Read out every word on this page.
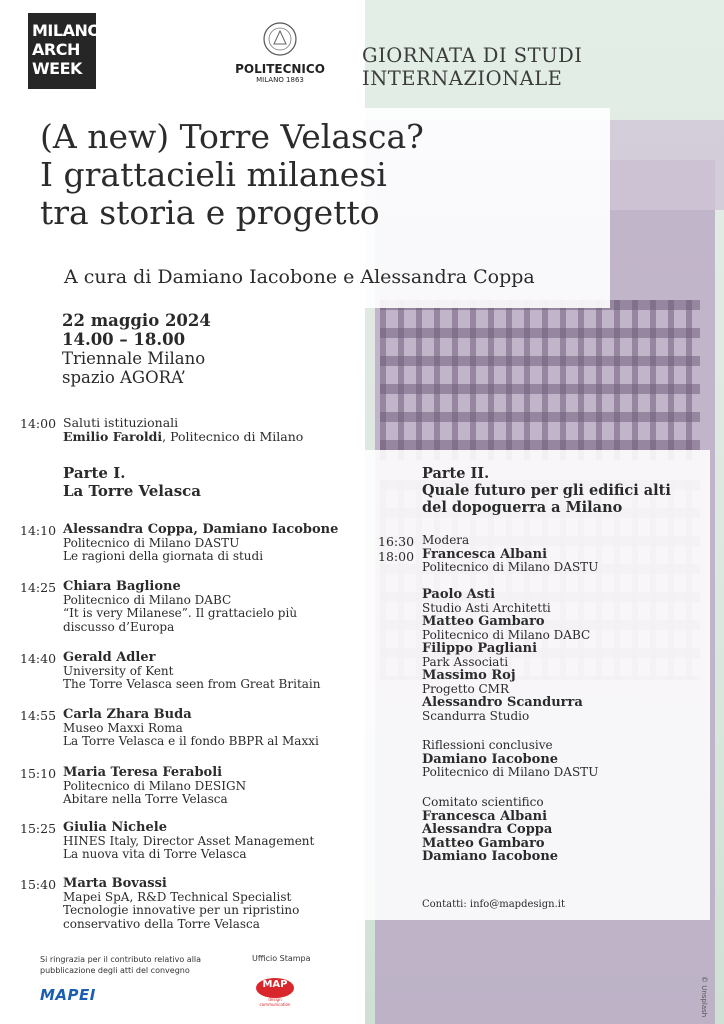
MILANO
ARCH
WEEK	POLITECNICO
MILANO 1863
GIORNATA DI STUDI
INTERNAZIONALE
(A new) Torre Velasca?
I grattacieli milanesi
tra storia e progetto
A cura di Damiano Iacobone e Alessandra Coppa
22 maggio 2024
14.00 – 18.00
Triennale Milano
spazio AGORA’
14:00 Saluti istituzionali
Emilio Faroldi, Politecnico di Milano
Parte I.
La Torre Velasca
14:10 Alessandra Coppa, Damiano Iacobone
Politecnico di Milano DASTU
Le ragioni della giornata di studi
14:25 Chiara Baglione
Politecnico di Milano DABC
“It is very Milanese”. Il grattacielo più
discusso d’Europa
14:40 Gerald Adler
University of Kent
The Torre Velasca seen from Great Britain
14:55 Carla Zhara Buda
Museo Maxxi Roma
La Torre Velasca e il fondo BBPR al Maxxi
15:10 Maria Teresa Feraboli
Politecnico di Milano DESIGN
Abitare nella Torre Velasca
15:25 Giulia Nichele
HINES Italy, Director Asset Management
La nuova vita di Torre Velasca
15:40 Marta Bovassi
Mapei SpA, R&D Technical Specialist
Tecnologie innovative per un ripristino
conservativo della Torre Velasca
Parte II.
Quale futuro per gli edifici alti
del dopoguerra a Milano
16:30
18:00
Modera
Francesca Albani
Politecnico di Milano DASTU
Paolo Asti
Studio Asti Architetti
Matteo Gambaro
Politecnico di Milano DABC
Filippo Pagliani
Park Associati
Massimo Roj
Progetto CMR
Alessandro Scandurra
Scandurra Studio
Riflessioni conclusive
Damiano Iacobone
Politecnico di Milano DASTU
Comitato scientifico
Francesca Albani
Alessandra Coppa
Matteo Gambaro
Damiano Iacobone
Contatti: info@mapdesign.it
Si ringrazia per il contributo relativo alla
pubblicazione degli atti del convegno
MAPEI
Ufficio Stampa
MAP
design communication	© Unsplash
